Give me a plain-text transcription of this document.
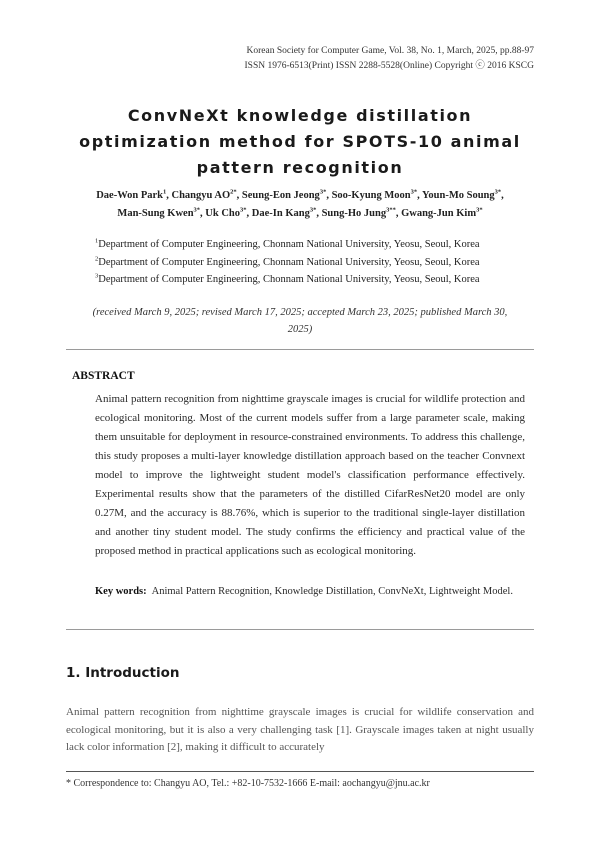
Korean Society for Computer Game, Vol. 38, No. 1, March, 2025, pp.88-97
ISSN 1976-6513(Print) ISSN 2288-5528(Online) Copyright ⓒ 2016 KSCG
ConvNeXt knowledge distillation optimization method for SPOTS-10 animal pattern recognition
Dae-Won Park$^1$, Changyu $AO^{2*}$, Seung-Eon Jeong$^{3*}$, Soo-Kyung Moon$^{3*}$, Youn-Mo Soung$^{3*}$,
Man-Sung Kwen$^{3*}$, Uk Cho$^{3*}$, Dae-In Kang$^{3*}$, Sung-Ho Jung$^{3**}$, Gwang-Jun Kim$^{3*}$
$^1$Department of Computer Engineering, Chonnam National University, Yeosu, Seoul, Korea
$^2$Department of Computer Engineering, Chonnam National University, Yeosu, Seoul, Korea
$^3$Department of Computer Engineering, Chonnam National University, Yeosu, Seoul, Korea
(received March 9, 2025; revised March 17, 2025; accepted March 23, 2025; published March 30, 2025)
ABSTRACT
Animal pattern recognition from nighttime grayscale images is crucial for wildlife protection and ecological monitoring. Most of the current models suffer from a large parameter scale, making them unsuitable for deployment in resource-constrained environments. To address this challenge, this study proposes a multi-layer knowledge distillation approach based on the teacher Convnext model to improve the lightweight student model's classification performance effectively. Experimental results show that the parameters of the distilled CifarResNet20 model are only 0.27M, and the accuracy is 88.76%, which is superior to the traditional single-layer distillation and another tiny student model. The study confirms the efficiency and practical value of the proposed method in practical applications such as ecological monitoring.
Key words: Animal Pattern Recognition, Knowledge Distillation, ConvNeXt, Lightweight Model.
1. Introduction
Animal pattern recognition from nighttime grayscale images is crucial for wildlife conservation and ecological monitoring, but it is also a very challenging task [1]. Grayscale images taken at night usually lack color information [2], making it difficult to accurately
* Correspondence to: Changyu AO, Tel.: +82-10-7532-1666 E-mail: aochangyu@jnu.ac.kr
